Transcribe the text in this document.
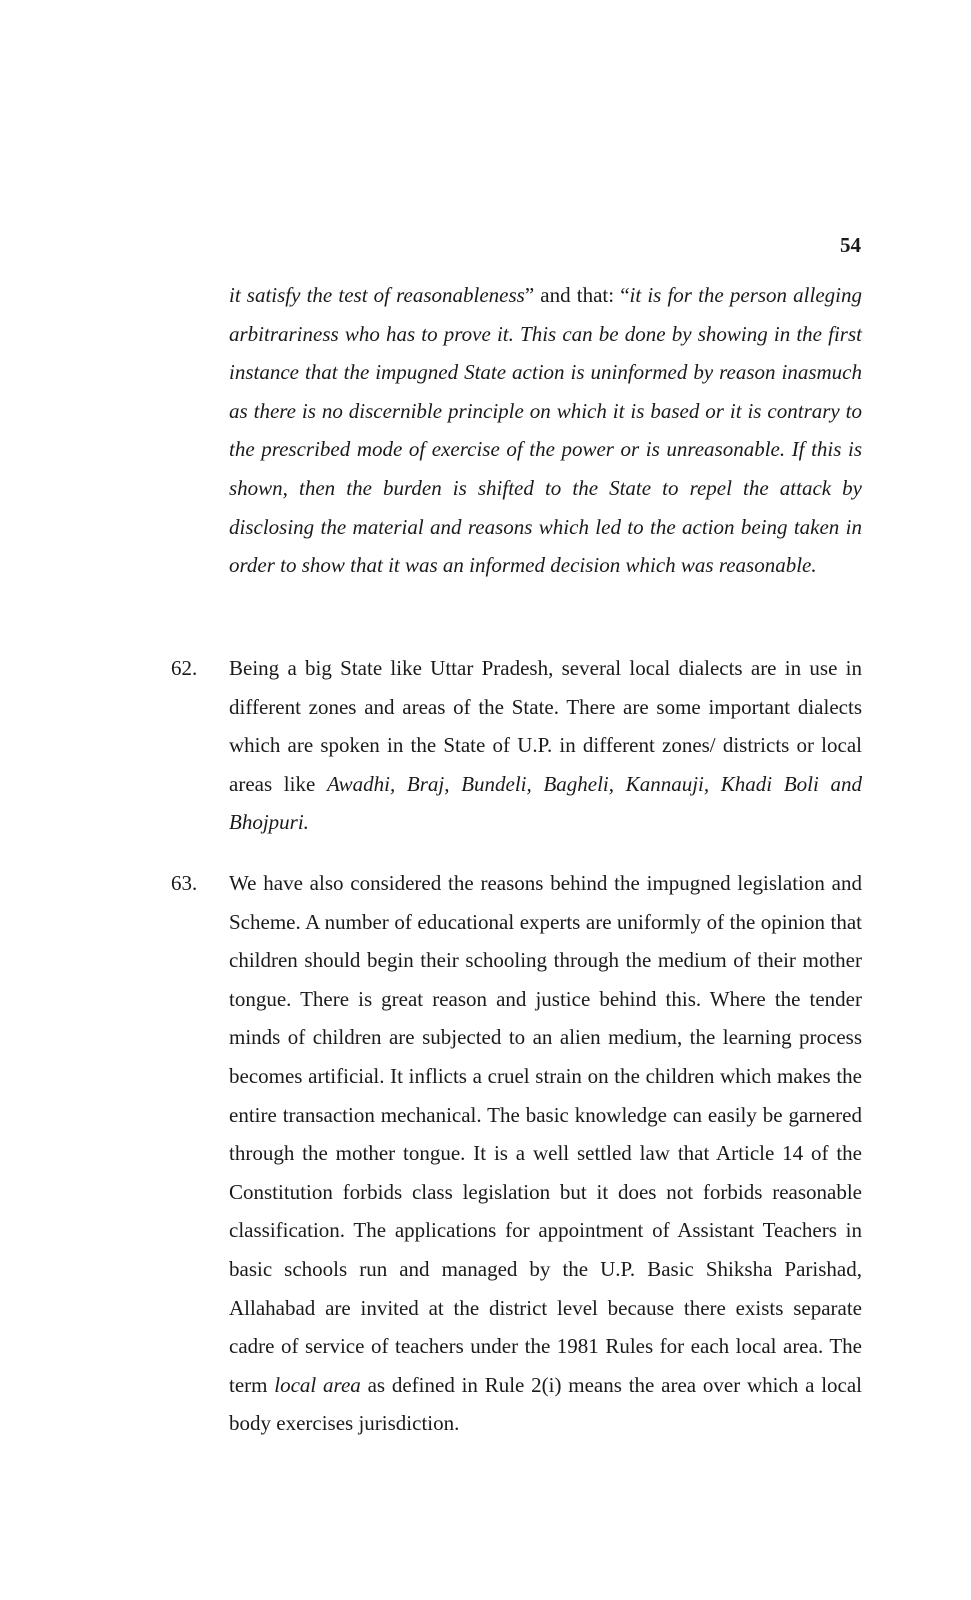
54

it satisfy the test of reasonableness” and that: “it is for the person alleging arbitrariness who has to prove it. This can be done by showing in the first instance that the impugned State action is uninformed by reason inasmuch as there is no discernible principle on which it is based or it is contrary to the prescribed mode of exercise of the power or is unreasonable. If this is shown, then the burden is shifted to the State to repel the attack by disclosing the material and reasons which led to the action being taken in order to show that it was an informed decision which was reasonable.

62. Being a big State like Uttar Pradesh, several local dialects are in use in different zones and areas of the State. There are some important dialects which are spoken in the State of U.P. in different zones/ districts or local areas like Awadhi, Braj, Bundeli, Bagheli, Kannauji, Khadi Boli and Bhojpuri.

63. We have also considered the reasons behind the impugned legislation and Scheme. A number of educational experts are uniformly of the opinion that children should begin their schooling through the medium of their mother tongue. There is great reason and justice behind this. Where the tender minds of children are subjected to an alien medium, the learning process becomes artificial. It inflicts a cruel strain on the children which makes the entire transaction mechanical. The basic knowledge can easily be garnered through the mother tongue. It is a well settled law that Article 14 of the Constitution forbids class legislation but it does not forbids reasonable classification. The applications for appointment of Assistant Teachers in basic schools run and managed by the U.P. Basic Shiksha Parishad, Allahabad are invited at the district level because there exists separate cadre of service of teachers under the 1981 Rules for each local area. The term local area as defined in Rule 2(i) means the area over which a local body exercises jurisdiction.
